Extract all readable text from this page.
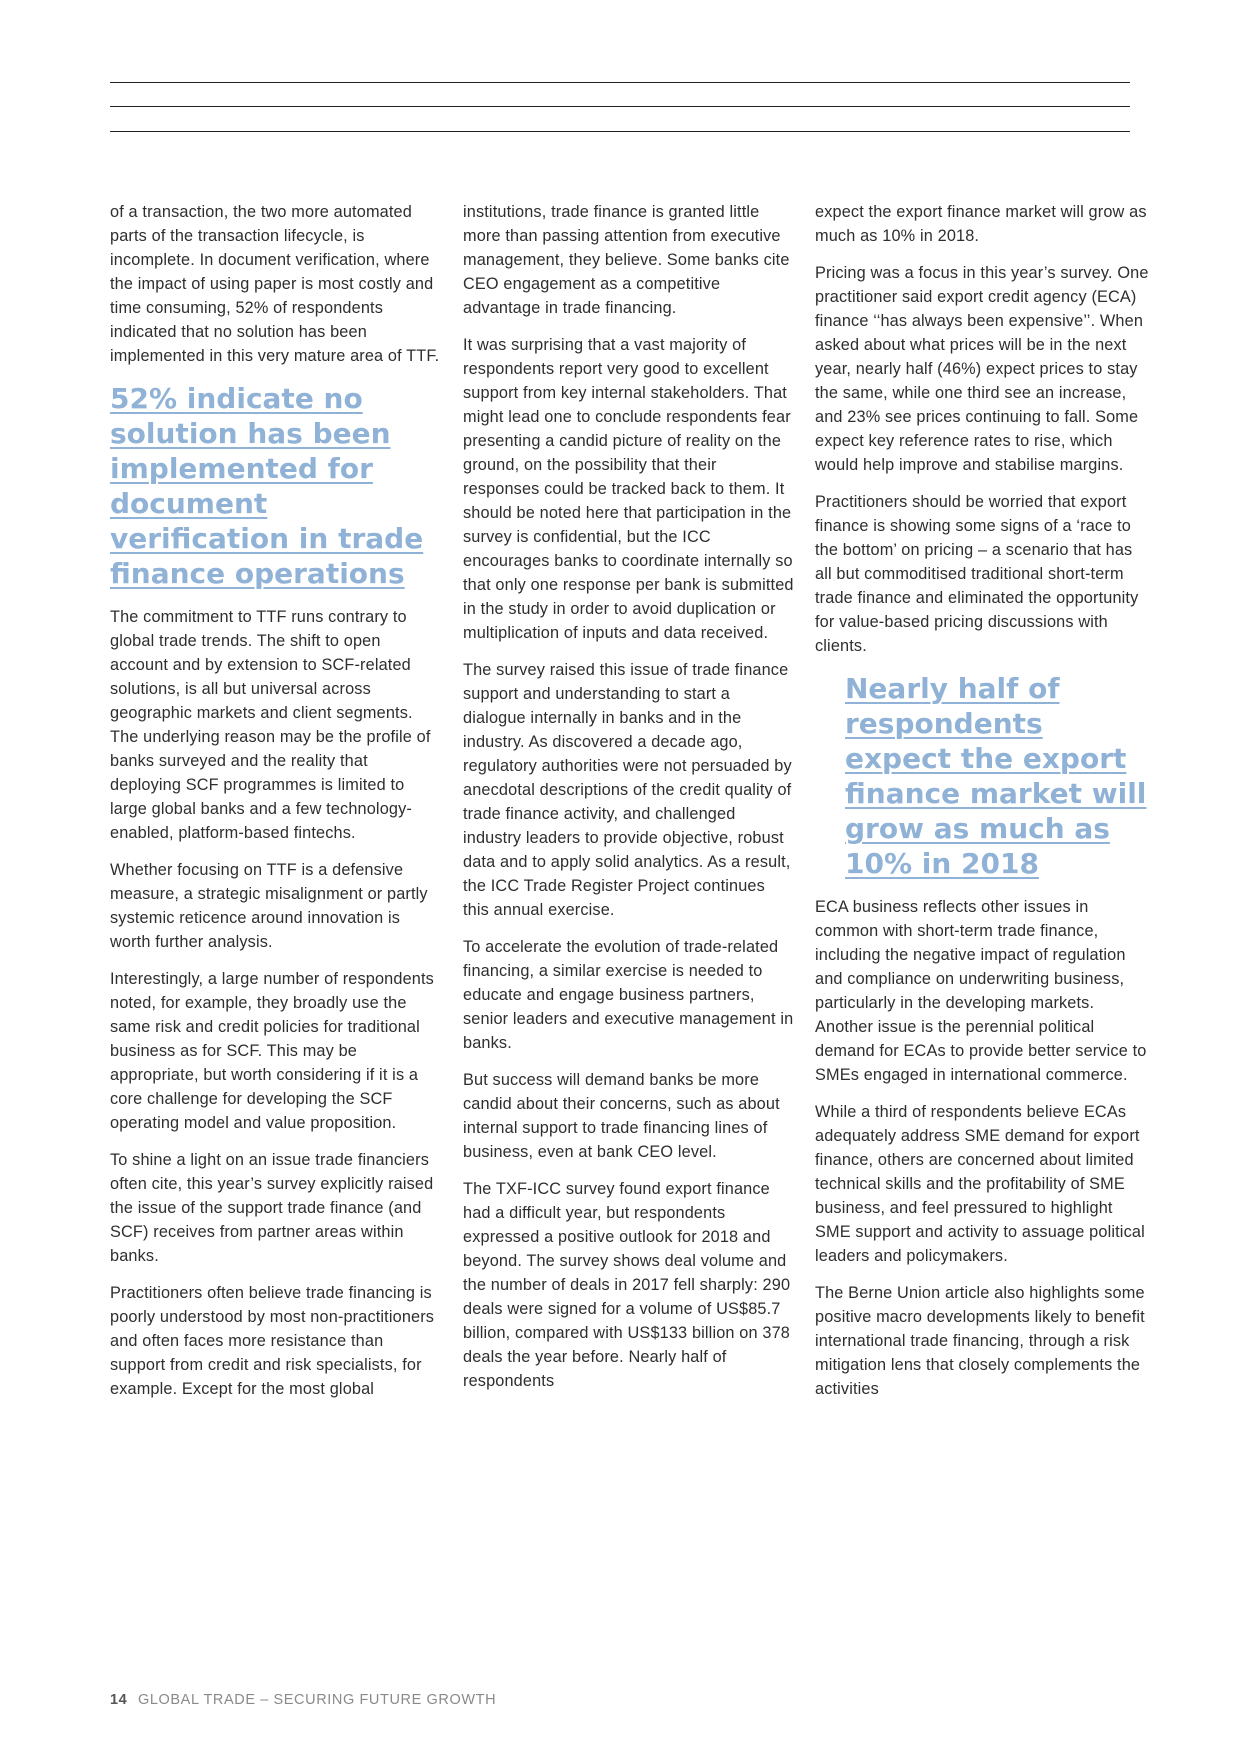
of a transaction, the two more automated parts of the transaction lifecycle, is incomplete. In document verification, where the impact of using paper is most costly and time consuming, 52% of respondents indicated that no solution has been implemented in this very mature area of TTF.

52% indicate no solution has been implemented for document verification in trade finance operations

The commitment to TTF runs contrary to global trade trends. The shift to open account and by extension to SCF-related solutions, is all but universal across geographic markets and client segments. The underlying reason may be the profile of banks surveyed and the reality that deploying SCF programmes is limited to large global banks and a few technology-enabled, platform-based fintechs.

Whether focusing on TTF is a defensive measure, a strategic misalignment or partly systemic reticence around innovation is worth further analysis.

Interestingly, a large number of respondents noted, for example, they broadly use the same risk and credit policies for traditional business as for SCF. This may be appropriate, but worth considering if it is a core challenge for developing the SCF operating model and value proposition.

To shine a light on an issue trade financiers often cite, this year’s survey explicitly raised the issue of the support trade finance (and SCF) receives from partner areas within banks.

Practitioners often believe trade financing is poorly understood by most non-practitioners and often faces more resistance than support from credit and risk specialists, for example. Except for the most global

institutions, trade finance is granted little more than passing attention from executive management, they believe. Some banks cite CEO engagement as a competitive advantage in trade financing.

It was surprising that a vast majority of respondents report very good to excellent support from key internal stakeholders. That might lead one to conclude respondents fear presenting a candid picture of reality on the ground, on the possibility that their responses could be tracked back to them. It should be noted here that participation in the survey is confidential, but the ICC encourages banks to coordinate internally so that only one response per bank is submitted in the study in order to avoid duplication or multiplication of inputs and data received.

The survey raised this issue of trade finance support and understanding to start a dialogue internally in banks and in the industry. As discovered a decade ago, regulatory authorities were not persuaded by anecdotal descriptions of the credit quality of trade finance activity, and challenged industry leaders to provide objective, robust data and to apply solid analytics. As a result, the ICC Trade Register Project continues this annual exercise.

To accelerate the evolution of trade-related financing, a similar exercise is needed to educate and engage business partners, senior leaders and executive management in banks.

But success will demand banks be more candid about their concerns, such as about internal support to trade financing lines of business, even at bank CEO level.

The TXF-ICC survey found export finance had a difficult year, but respondents expressed a positive outlook for 2018 and beyond. The survey shows deal volume and the number of deals in 2017 fell sharply: 290 deals were signed for a volume of US$85.7 billion, compared with US$133 billion on 378 deals the year before. Nearly half of respondents

expect the export finance market will grow as much as 10% in 2018.

Pricing was a focus in this year’s survey. One practitioner said export credit agency (ECA) finance ‘‘has always been expensive’’. When asked about what prices will be in the next year, nearly half (46%) expect prices to stay the same, while one third see an increase, and 23% see prices continuing to fall. Some expect key reference rates to rise, which would help improve and stabilise margins.

Practitioners should be worried that export finance is showing some signs of a ‘race to the bottom’ on pricing – a scenario that has all but commoditised traditional short-term trade finance and eliminated the opportunity for value-based pricing discussions with clients.

Nearly half of respondents expect the export finance market will grow as much as 10% in 2018

ECA business reflects other issues in common with short-term trade finance, including the negative impact of regulation and compliance on underwriting business, particularly in the developing markets. Another issue is the perennial political demand for ECAs to provide better service to SMEs engaged in international commerce.

While a third of respondents believe ECAs adequately address SME demand for export finance, others are concerned about limited technical skills and the profitability of SME business, and feel pressured to highlight SME support and activity to assuage political leaders and policymakers.

The Berne Union article also highlights some positive macro developments likely to benefit international trade financing, through a risk mitigation lens that closely complements the activities

14 GLOBAL TRADE – SECURING FUTURE GROWTH
